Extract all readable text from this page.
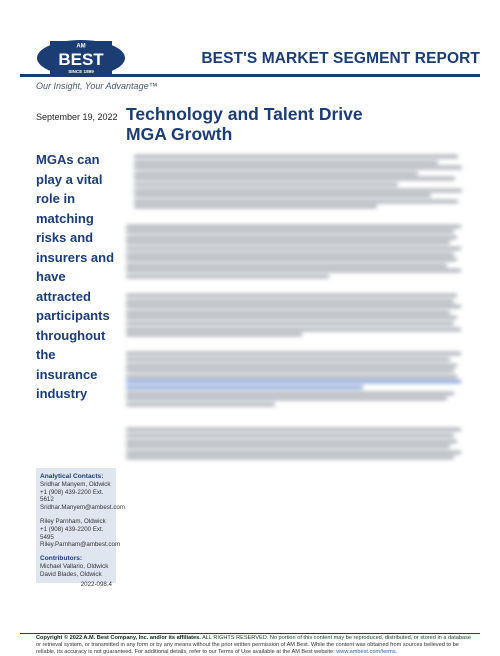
AM
BEST
SINCE 1899
BEST'S MARKET SEGMENT REPORT
Our Insight, Your Advantage™
September 19, 2022
MGAs can play a vital role in matching risks and insurers and have attracted participants throughout the insurance industry
Analytical Contacts:
Sridhar Manyem, Oldwick
+1 (908) 439-2200 Ext. 5612
Sridhar.Manyem@ambest.com
Riley Parnham, Oldwick
+1 (908) 439-2200 Ext. 5495
Riley.Parnham@ambest.com
Contributors:
Michael Vallario, Oldwick
David Blades, Oldwick
2022-098.4
Technology and Talent Drive
MGA Growth
Copyright © 2022 A.M. Best Company, Inc. and/or its affiliates. ALL RIGHTS RESERVED. No portion of this content may be reproduced, distributed, or stored in a database or retrieval system, or transmitted in any form or by any means without the prior written permission of AM Best. While the content was obtained from sources believed to be reliable, its accuracy is not guaranteed. For additional details, refer to our Terms of Use available at the AM Best website: www.ambest.com/terms.
